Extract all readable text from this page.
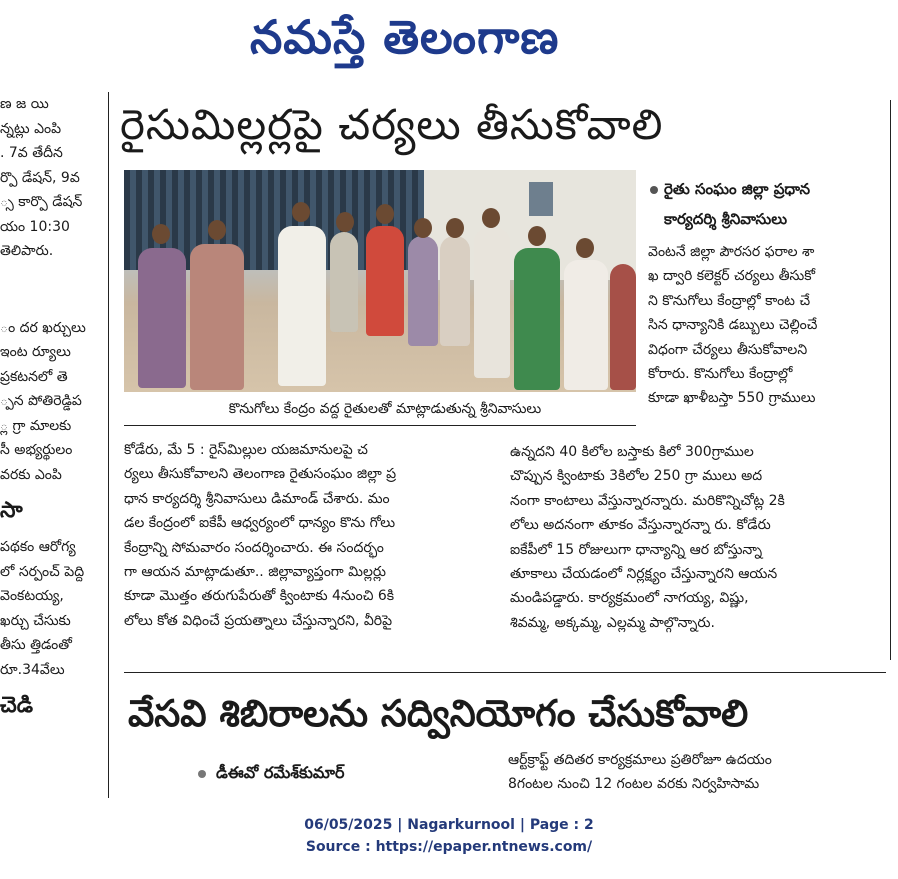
నమస్తే తెలంగాణ

ణ జ యి

న్నట్లు ఎంపి

. 7వ తేదీన

ర్పొ డేషన్, 9వ

్స కార్పొ డేషన్

యం 10:30

తెలిపారు.

ం దర ఖర్చులు

ఇంట ర్యూలు

ప్రకటనలో తె

్పన పోతిరెడ్డిప

్ల గ్రా మాలకు

సీ అభ్యర్థులం

వరకు ఎంపి

సా

పథకం ఆరోగ్య

లో సర్పంచ్ పెద్ది

వెంకటయ్య,

ఖర్చు చేసుకు

తీసు త్తిడంతో

రూ.34వేలు

చెడి

రైసుమిల్లర్లపై చర్యలు తీసుకోవాలి
కొనుగోలు కేంద్రం వద్ద రైతులతో మాట్లాడుతున్న శ్రీనివాసులు
రైతు సంఘం జిల్లా ప్రధాన
కార్యదర్శి శ్రీనివాసులు

వెంటనే జిల్లా పౌరసర ఫరాల శా

ఖ ద్వారి కలెక్టర్ చర్యలు తీసుకో

ని కొనుగోలు కేంద్రాల్లో కాంట చే

సిన ధాన్యానికి డబ్బులు చెల్లించే

విధంగా చేర్యలు తీసుకోవాలని

కోరారు. కొనుగోలు కేంద్రాల్లో

కూడా ఖాళీబస్తా 550 గ్రాములు

కోడేరు, మే 5 : రైస్‌మిల్లుల యజమానులపై చ

ర్యలు తీసుకోవాలని తెలంగాణ రైతుసంఘం జిల్లా ప్ర

ధాన కార్యదర్శి శ్రీనివాసులు డిమాండ్ చేశారు. మం

డల కేంద్రంలో ఐకేపీ ఆధ్వర్యంలో ధాన్యం కొను గోలు

కేంద్రాన్ని సోమవారం సందర్శించారు. ఈ సందర్భం

గా ఆయన మాట్లాడుతూ.. జిల్లావ్యాప్తంగా మిల్లర్లు

కూడా మొత్తం తరుగుపేరుతో క్వింటాకు 4నుంచి 6కి

లోలు కోత విధించే ప్రయత్నాలు చేస్తున్నారని, వీరిపై

ఉన్నదని 40 కిలోల బస్తాకు కిలో 300గ్రాముల

చొప్పున క్వింటాకు 3కిలోల 250 గ్రా ములు అద

నంగా కాంటాలు వేస్తున్నారన్నారు. మరికొన్నిచోట్ల 2కి

లోలు అదనంగా తూకం వేస్తున్నారన్నా రు. కోడేరు

ఐకేపీలో 15 రోజులుగా ధాన్యాన్ని ఆర బోస్తున్నా

తూకాలు చేయడంలో నిర్లక్ష్యం చేస్తున్నారని ఆయన

మండిపడ్డారు. కార్యక్రమంలో నాగయ్య, విష్ణు,

శివమ్మ, అక్కమ్మ, ఎల్లమ్మ పాల్గొన్నారు.

వేసవి శిబిరాలను సద్వినియోగం చేసుకోవాలి
డీఈవో రమేశ్‌కుమార్

ఆర్ట్‌క్రాఫ్ట్ తదితర కార్యక్రమాలు ప్రతిరోజూ ఉదయం

8గంటల నుంచి 12 గంటల వరకు నిర్వహిసామ

06/05/2025 | Nagarkurnool | Page : 2
Source : https://epaper.ntnews.com/
